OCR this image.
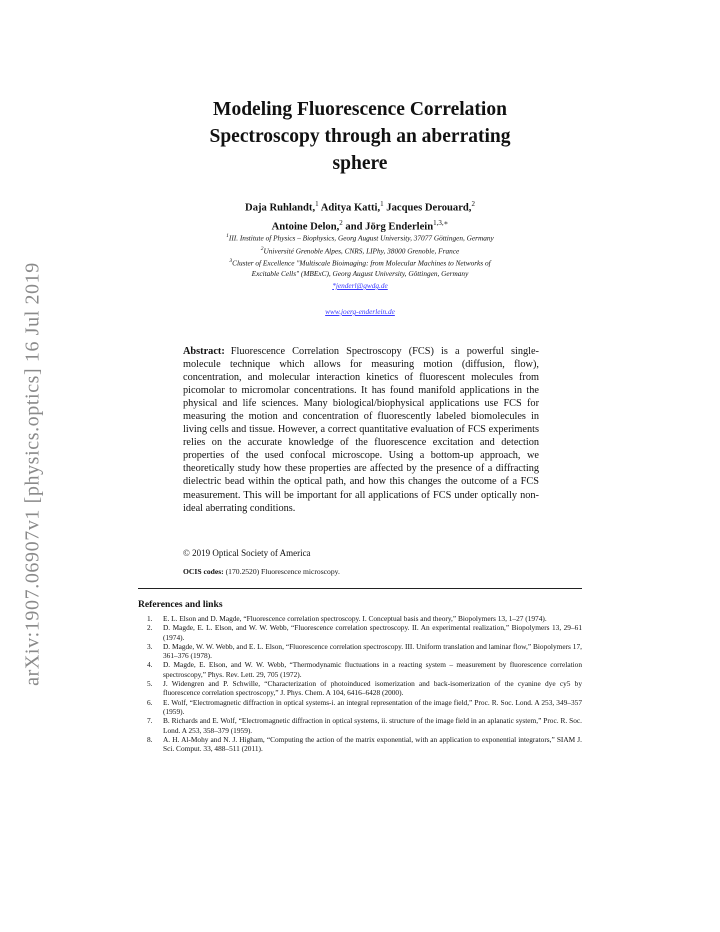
arXiv:1907.06907v1 [physics.optics] 16 Jul 2019
Modeling Fluorescence Correlation
Spectroscopy through an aberrating
sphere
Daja Ruhlandt,$^1$ Aditya Katti,$^1$ Jacques Derouard,$^2$
Antoine Delon,$^2$ and Jörg Enderlein$^{1,3,∗}$
$^1$III. Institute of Physics – Biophysics, Georg August University, 37077 Göttingen, Germany
$^2$Université Grenoble Alpes, CNRS, LIPhy, 38000 Grenoble, France
$^3$Cluster of Excellence "Multiscale Bioimaging: from Molecular Machines to Networks of
Excitable Cells" (MBExC), Georg August University, Göttingen, Germany
*jenderl@gwdg.de
www.joerg-enderlein.de
Abstract: Fluorescence Correlation Spectroscopy (FCS) is a powerful single-molecule technique which allows for measuring motion (diffusion, flow), concentration, and molecular interaction kinetics of fluorescent molecules from picomolar to micromolar concentrations. It has found manifold applications in the physical and life sciences. Many biological/biophysical applications use FCS for measuring the motion and concentration of fluorescently labeled biomolecules in living cells and tissue. However, a correct quantitative evaluation of FCS experiments relies on the accurate knowledge of the fluorescence excitation and detection properties of the used confocal microscope. Using a bottom-up approach, we theoretically study how these properties are affected by the presence of a diffracting dielectric bead within the optical path, and how this changes the outcome of a FCS measurement. This will be important for all applications of FCS under optically non-ideal aberrating conditions.
© 2019 Optical Society of America
OCIS codes: (170.2520) Fluorescence microscopy.
References and links
1. E. L. Elson and D. Magde, “Fluorescence correlation spectroscopy. I. Conceptual basis and theory,” Biopolymers 13, 1–27 (1974).
2. D. Magde, E. L. Elson, and W. W. Webb, “Fluorescence correlation spectroscopy. II. An experimental realization,” Biopolymers 13, 29–61 (1974).
3. D. Magde, W. W. Webb, and E. L. Elson, “Fluorescence correlation spectroscopy. III. Uniform translation and laminar flow,” Biopolymers 17, 361–376 (1978).
4. D. Magde, E. Elson, and W. W. Webb, “Thermodynamic fluctuations in a reacting system – measurement by fluorescence correlation spectroscopy,” Phys. Rev. Lett. 29, 705 (1972).
5. J. Widengren and P. Schwille, “Characterization of photoinduced isomerization and back-isomerization of the cyanine dye cy5 by fluorescence correlation spectroscopy,” J. Phys. Chem. A 104, 6416–6428 (2000).
6. E. Wolf, “Electromagnetic diffraction in optical systems-i. an integral representation of the image field,” Proc. R. Soc. Lond. A 253, 349–357 (1959).
7. B. Richards and E. Wolf, “Electromagnetic diffraction in optical systems, ii. structure of the image field in an aplanatic system,” Proc. R. Soc. Lond. A 253, 358–379 (1959).
8. A. H. Al-Mohy and N. J. Higham, “Computing the action of the matrix exponential, with an application to exponential integrators,” SIAM J. Sci. Comput. 33, 488–511 (2011).
